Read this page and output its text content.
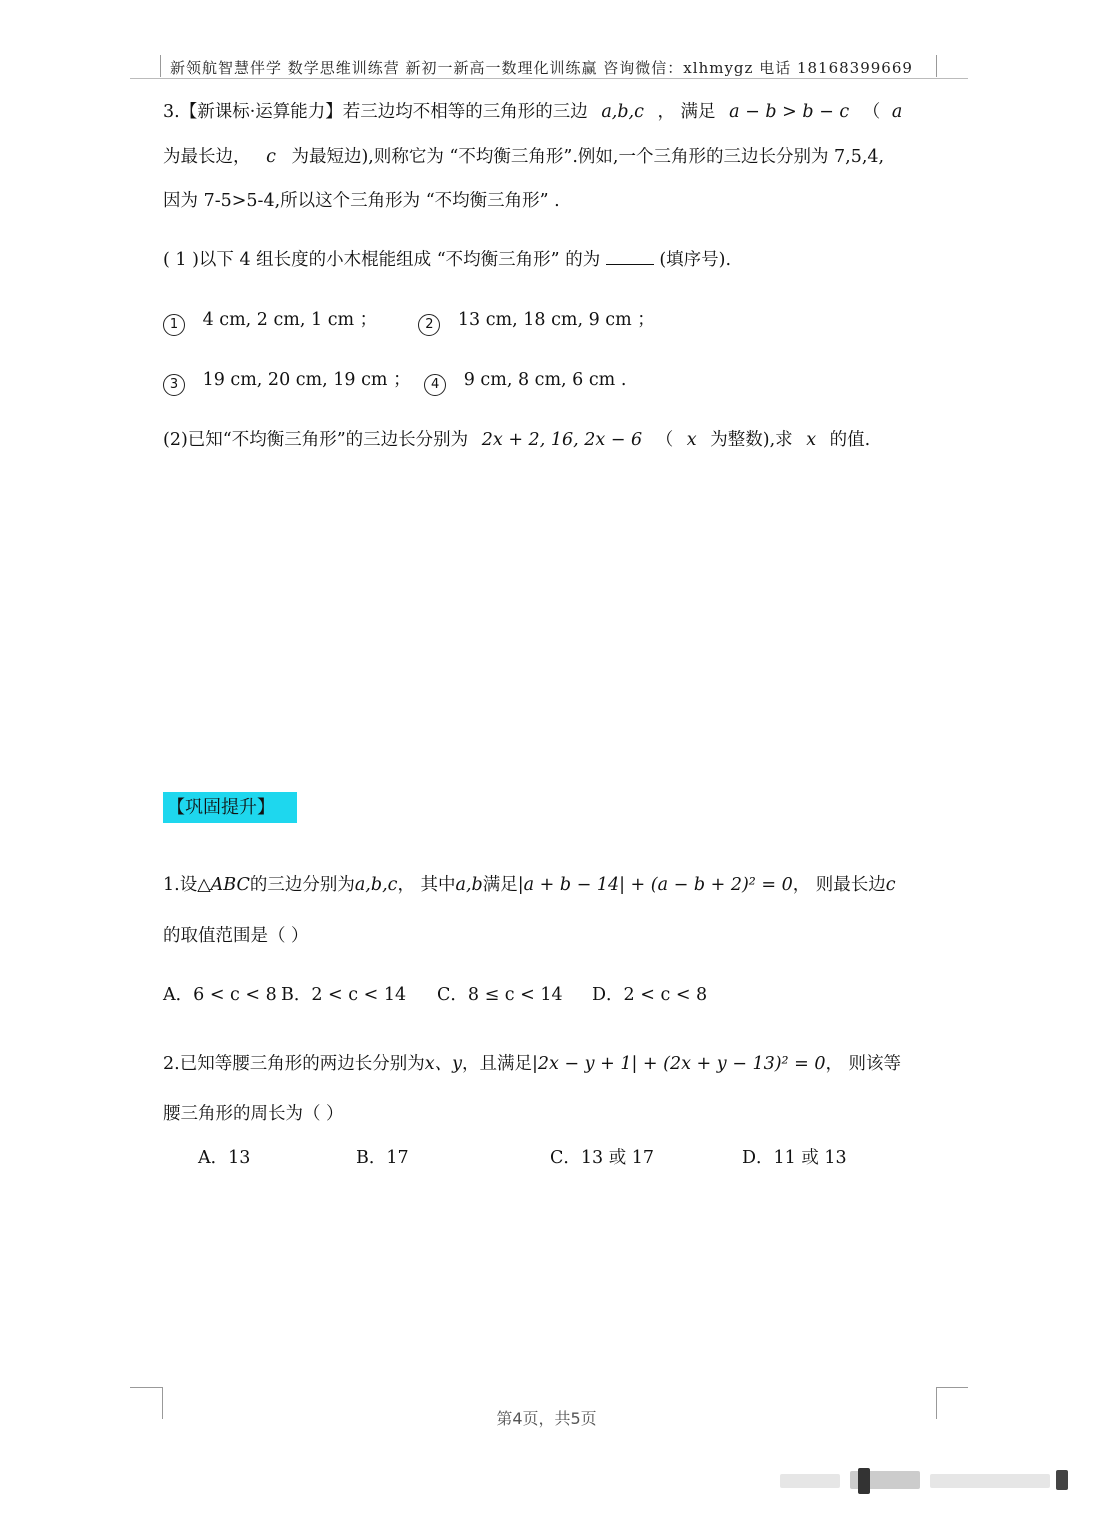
新领航智慧伴学 数学思维训练营 新初一新高一数理化训练赢 咨询微信：xlhmygz 电话 18168399669
3.【新课标·运算能力】若三边均不相等的三角形的三边 a,b,c ， 满足 a − b > b − c （ a
为最长边， c 为最短边),则称它为 “不均衡三角形”.例如,一个三角形的三边长分别为 7,5,4,
因为 7-5>5-4,所以这个三角形为 “不均衡三角形” .
( 1 )以下 4 组长度的小木棍能组成 “不均衡三角形” 的为	(填序号).
1 4 cm, 2 cm, 1 cm ；	2 13 cm, 18 cm, 9 cm ；
3 19 cm, 20 cm, 19 cm ； 4 9 cm, 8 cm, 6 cm .
(2)已知“不均衡三角形”的三边长分别为 2x + 2, 16, 2x − 6 （ x 为整数),求 x 的值.
【巩固提升】
1.设△ABC的三边分别为a,b,c， 其中a,b满足|a + b − 14| + (a − b + 2)² = 0， 则最长边c
的取值范围是（ ）
A．6 < c < 8 B．2 < c < 14 C．8 ≤ c < 14 D．2 < c < 8
2.已知等腰三角形的两边长分别为x、y，且满足|2x − y + 1| + (2x + y − 13)² = 0， 则该等
腰三角形的周长为（ ）
A．13	B．17	C．13 或 17	D．11 或 13
第4页，共5页
